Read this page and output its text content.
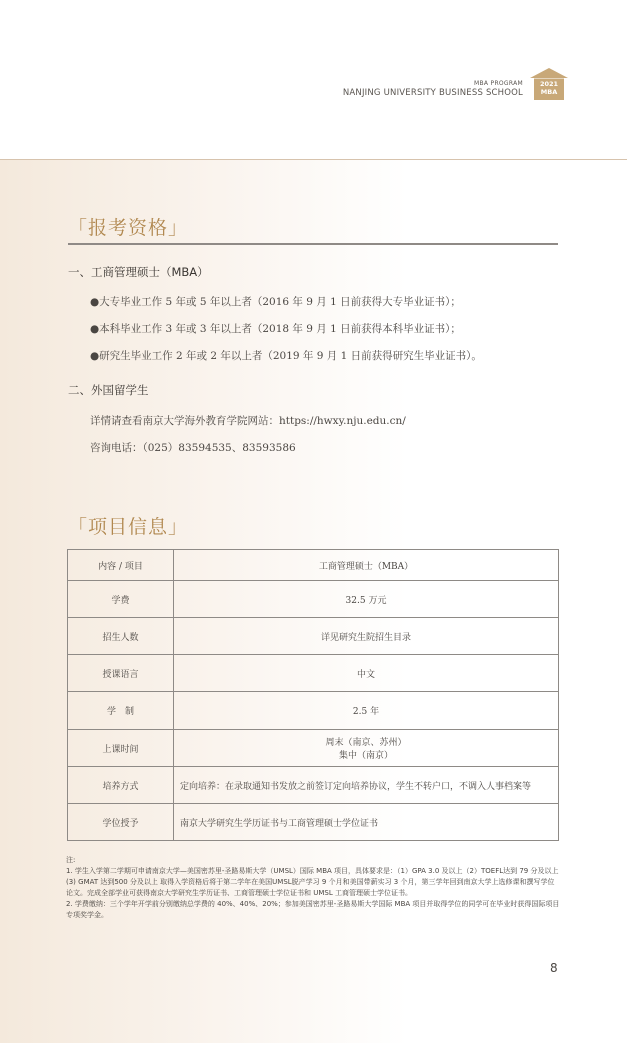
MBA PROGRAM
NANJING UNIVERSITY BUSINESS SCHOOL
2021
MBA
「报考资格」
一、工商管理硕士（MBA）
●大专毕业工作 5 年或 5 年以上者（2016 年 9 月 1 日前获得大专毕业证书）；
●本科毕业工作 3 年或 3 年以上者（2018 年 9 月 1 日前获得本科毕业证书）；
●研究生毕业工作 2 年或 2 年以上者（2019 年 9 月 1 日前获得研究生毕业证书）。
二、外国留学生
详情请查看南京大学海外教育学院网站：https://hwxy.nju.edu.cn/
咨询电话：（025）83594535、83593586
「项目信息」
内容 / 项目	工商管理硕士（MBA）
学费	32.5 万元
招生人数	详见研究生院招生目录
授课语言	中文
学　制	2.5 年
上课时间	周末（南京、苏州）
集中（南京）

培养方式	定向培养：在录取通知书发放之前签订定向培养协议，学生不转户口，不调入人事档案等
学位授予	南京大学研究生学历证书与工商管理硕士学位证书
注:
1. 学生入学第二学期可申请南京大学—美国密苏里-圣路易斯大学（UMSL）国际 MBA 项目，具体要求是：（1）GPA 3.0 及以上（2）TOEFL达到 79 分及以上(3) GMAT 达到500 分及以上 取得入学资格后将于第二学年在美国UMSL脱产学习 9 个月和美国带薪实习 3 个月，第三学年回到南京大学上选修课和撰写学位论文。完成全部学业可获得南京大学研究生学历证书、工商管理硕士学位证书和 UMSL 工商管理硕士学位证书。
2. 学费缴纳：三个学年开学前分别缴纳总学费的 40%、40%、20%；参加美国密苏里-圣路易斯大学国际 MBA 项目并取得学位的同学可在毕业时获得国际项目专项奖学金。
8
